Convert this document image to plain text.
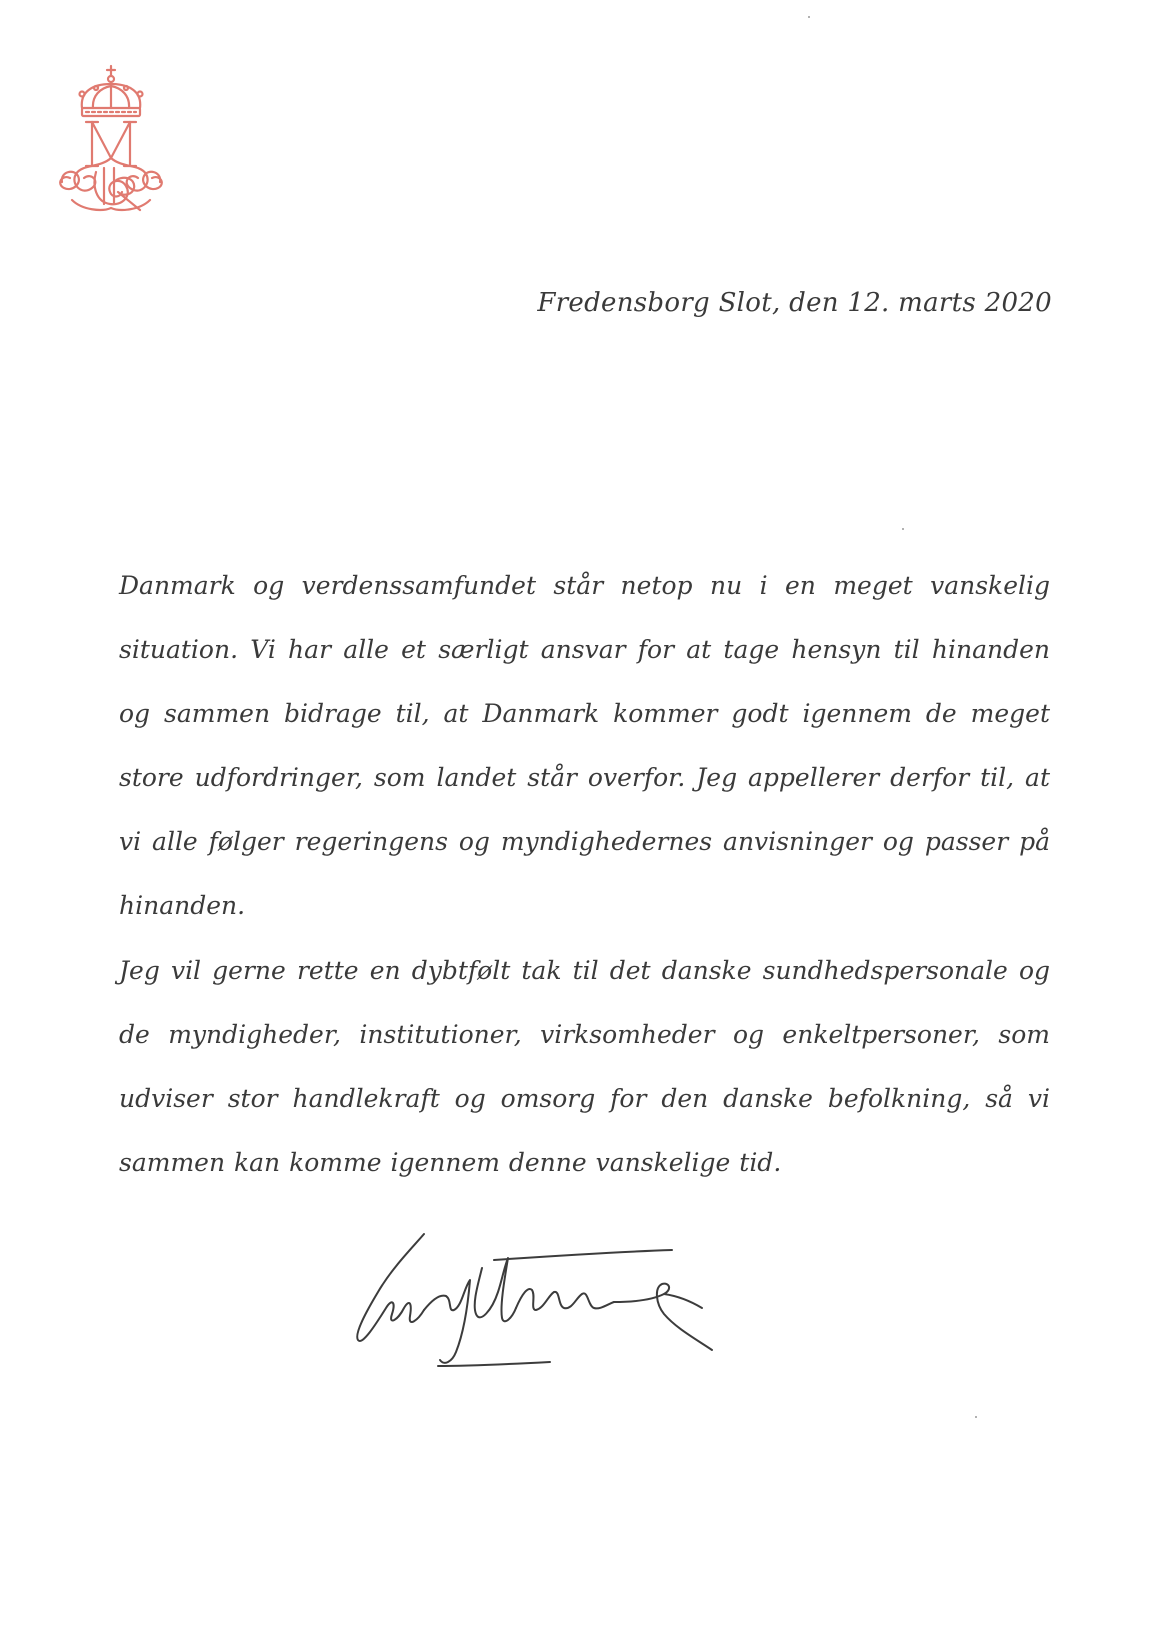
Fredensborg Slot, den 12. marts 2020

Danmark og verdenssamfundet står netop nu i en meget vanskelig situation. Vi har alle et særligt ansvar for at tage hensyn til hinanden og sammen bidrage til, at Danmark kommer godt igennem de meget store udfordringer, som landet står overfor. Jeg appellerer derfor til, at vi alle følger regeringens og myndighedernes anvisninger og passer på hinanden.

Jeg vil gerne rette en dybtfølt tak til det danske sundhedspersonale og de myndigheder, institutioner, virksomheder og enkeltpersoner, som udviser stor handlekraft og omsorg for den danske befolkning, så vi sammen kan komme igennem denne vanskelige tid.
